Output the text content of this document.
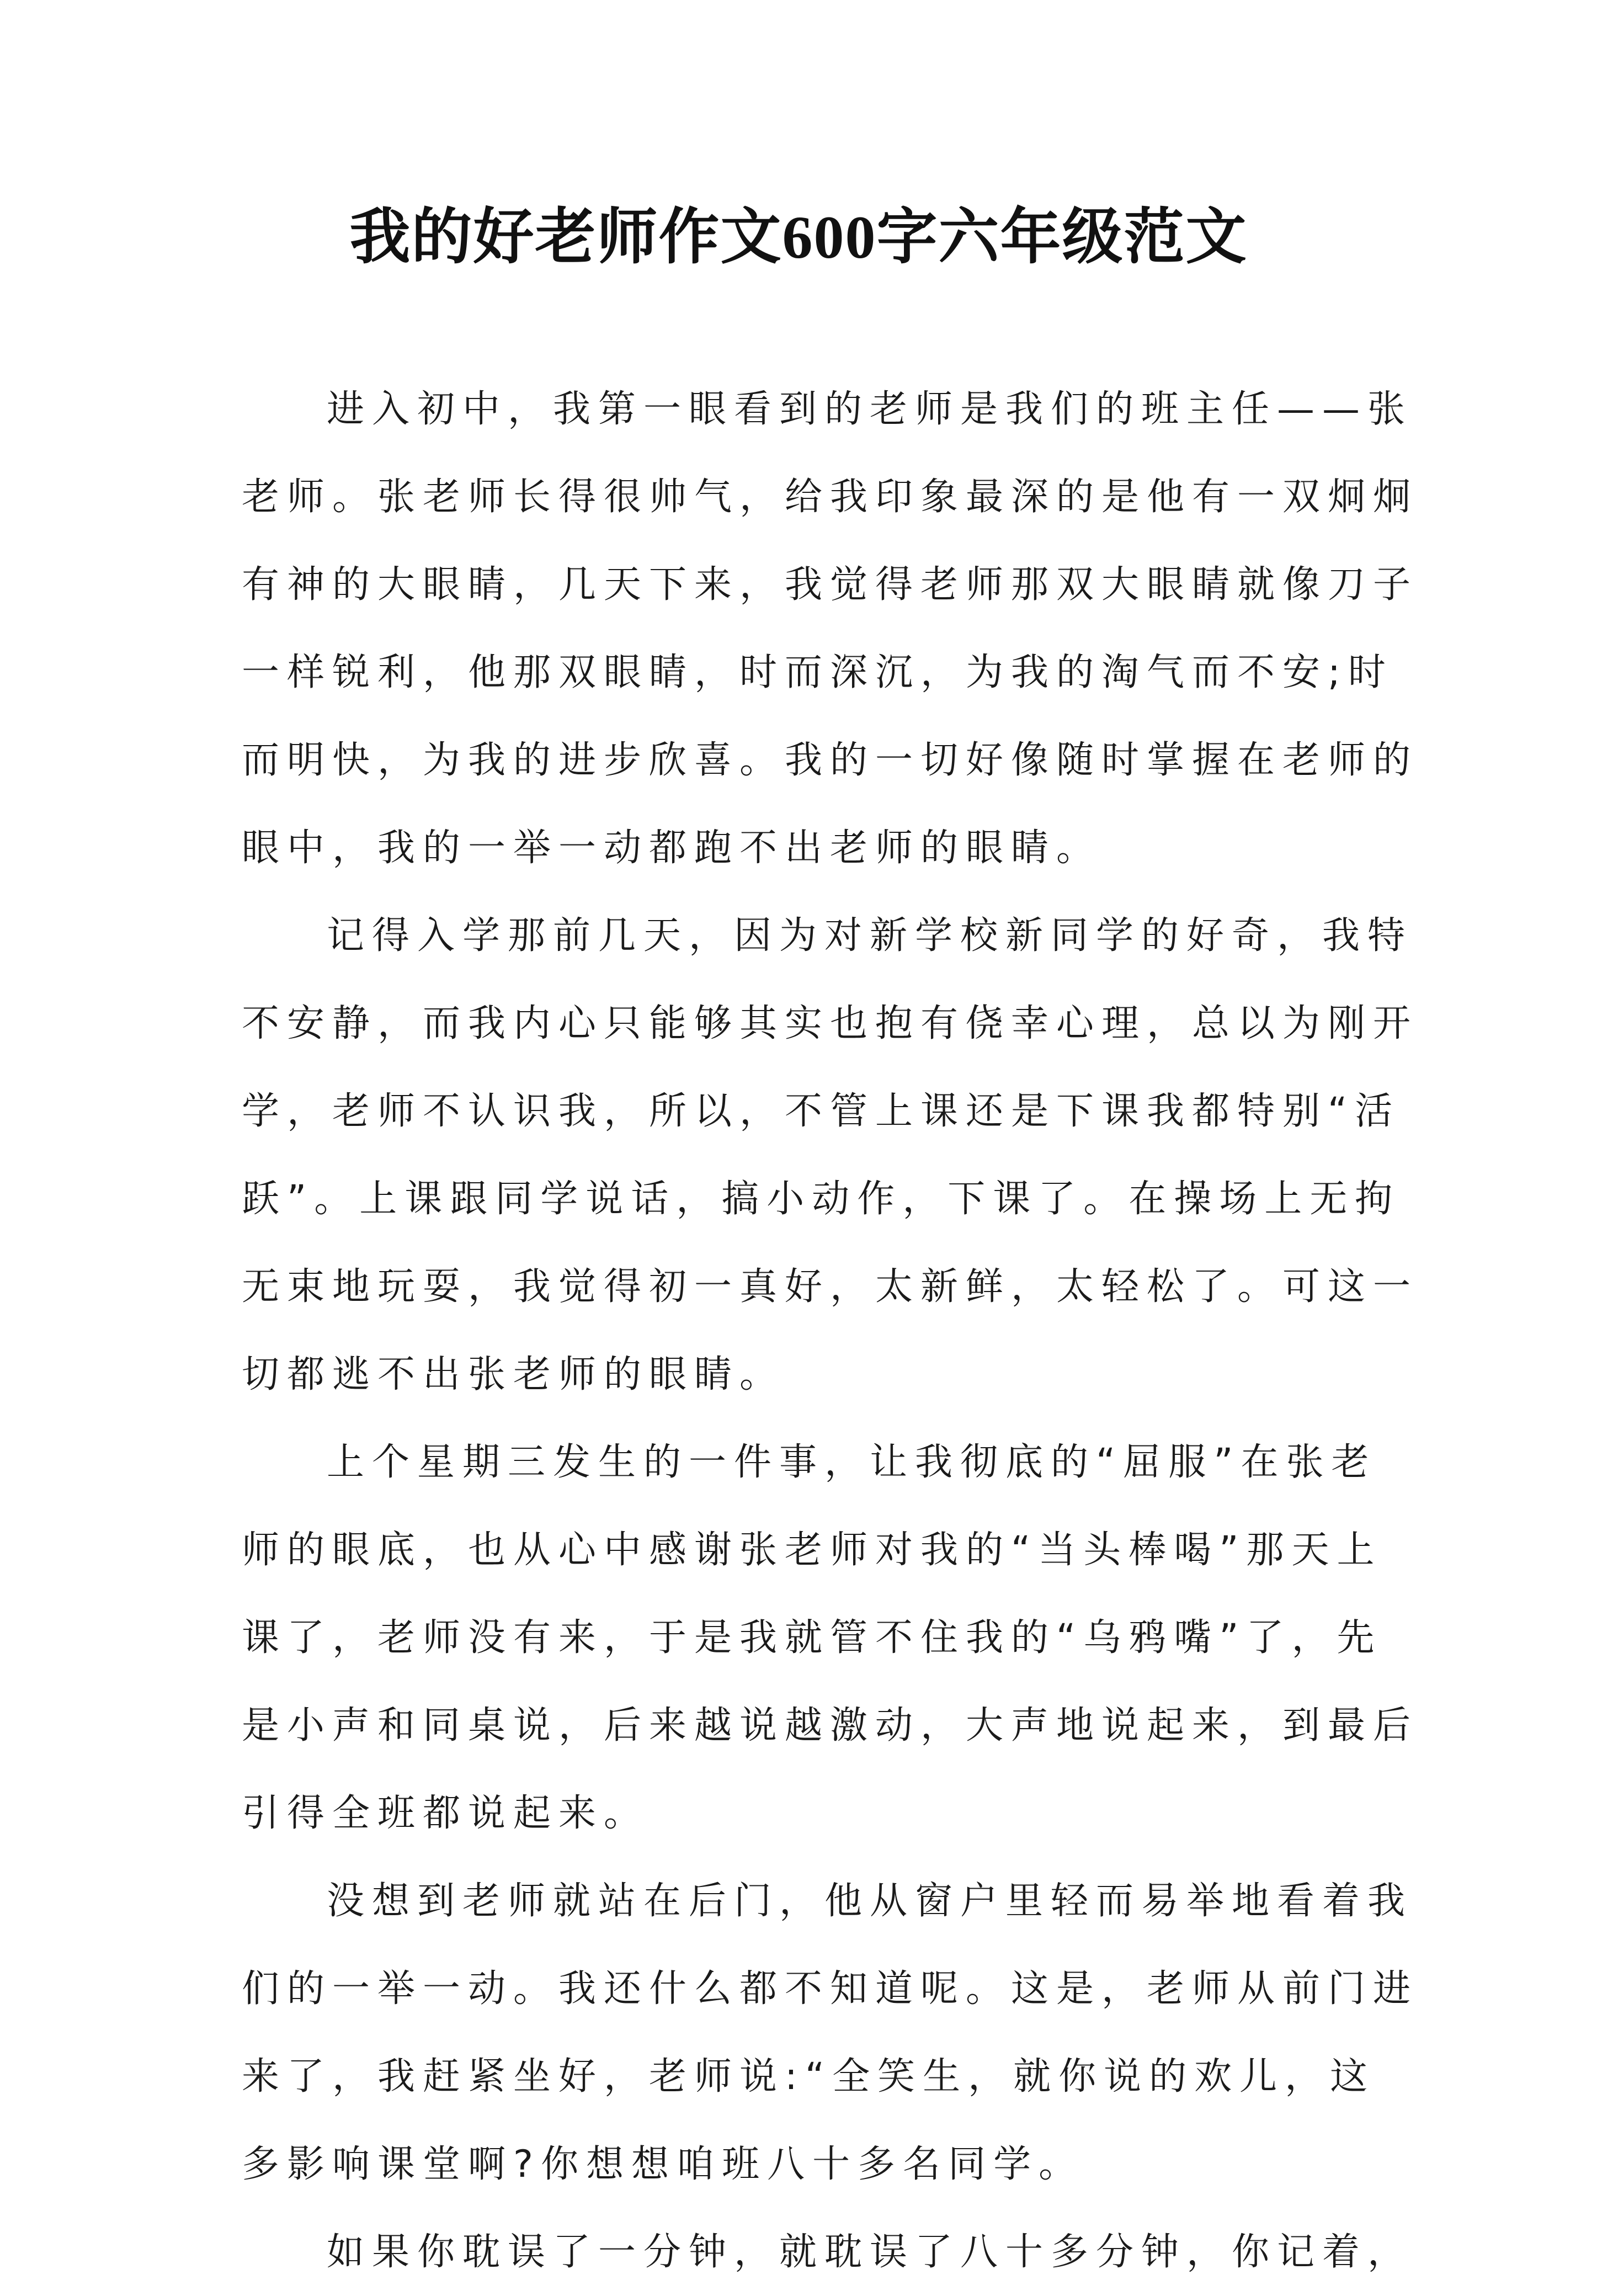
我的好老师作文600字六年级范文
进入初中，我第一眼看到的老师是我们的班主任——张
老师。张老师长得很帅气，给我印象最深的是他有一双炯炯
有神的大眼睛，几天下来，我觉得老师那双大眼睛就像刀子
一样锐利，他那双眼睛，时而深沉，为我的淘气而不安;时
而明快，为我的进步欣喜。我的一切好像随时掌握在老师的
眼中，我的一举一动都跑不出老师的眼睛。
记得入学那前几天，因为对新学校新同学的好奇，我特
不安静，而我内心只能够其实也抱有侥幸心理，总以为刚开
学，老师不认识我，所以，不管上课还是下课我都特别“活
跃”。上课跟同学说话，搞小动作，下课了。在操场上无拘
无束地玩耍，我觉得初一真好，太新鲜，太轻松了。可这一
切都逃不出张老师的眼睛。
上个星期三发生的一件事，让我彻底的“屈服”在张老
师的眼底，也从心中感谢张老师对我的“当头棒喝”那天上
课了，老师没有来，于是我就管不住我的“乌鸦嘴”了，先
是小声和同桌说，后来越说越激动，大声地说起来，到最后
引得全班都说起来。
没想到老师就站在后门，他从窗户里轻而易举地看着我
们的一举一动。我还什么都不知道呢。这是，老师从前门进
来了，我赶紧坐好，老师说:“全笑生，就你说的欢儿，这
多影响课堂啊?你想想咱班八十多名同学。
如果你耽误了一分钟，就耽误了八十多分钟，你记着，
